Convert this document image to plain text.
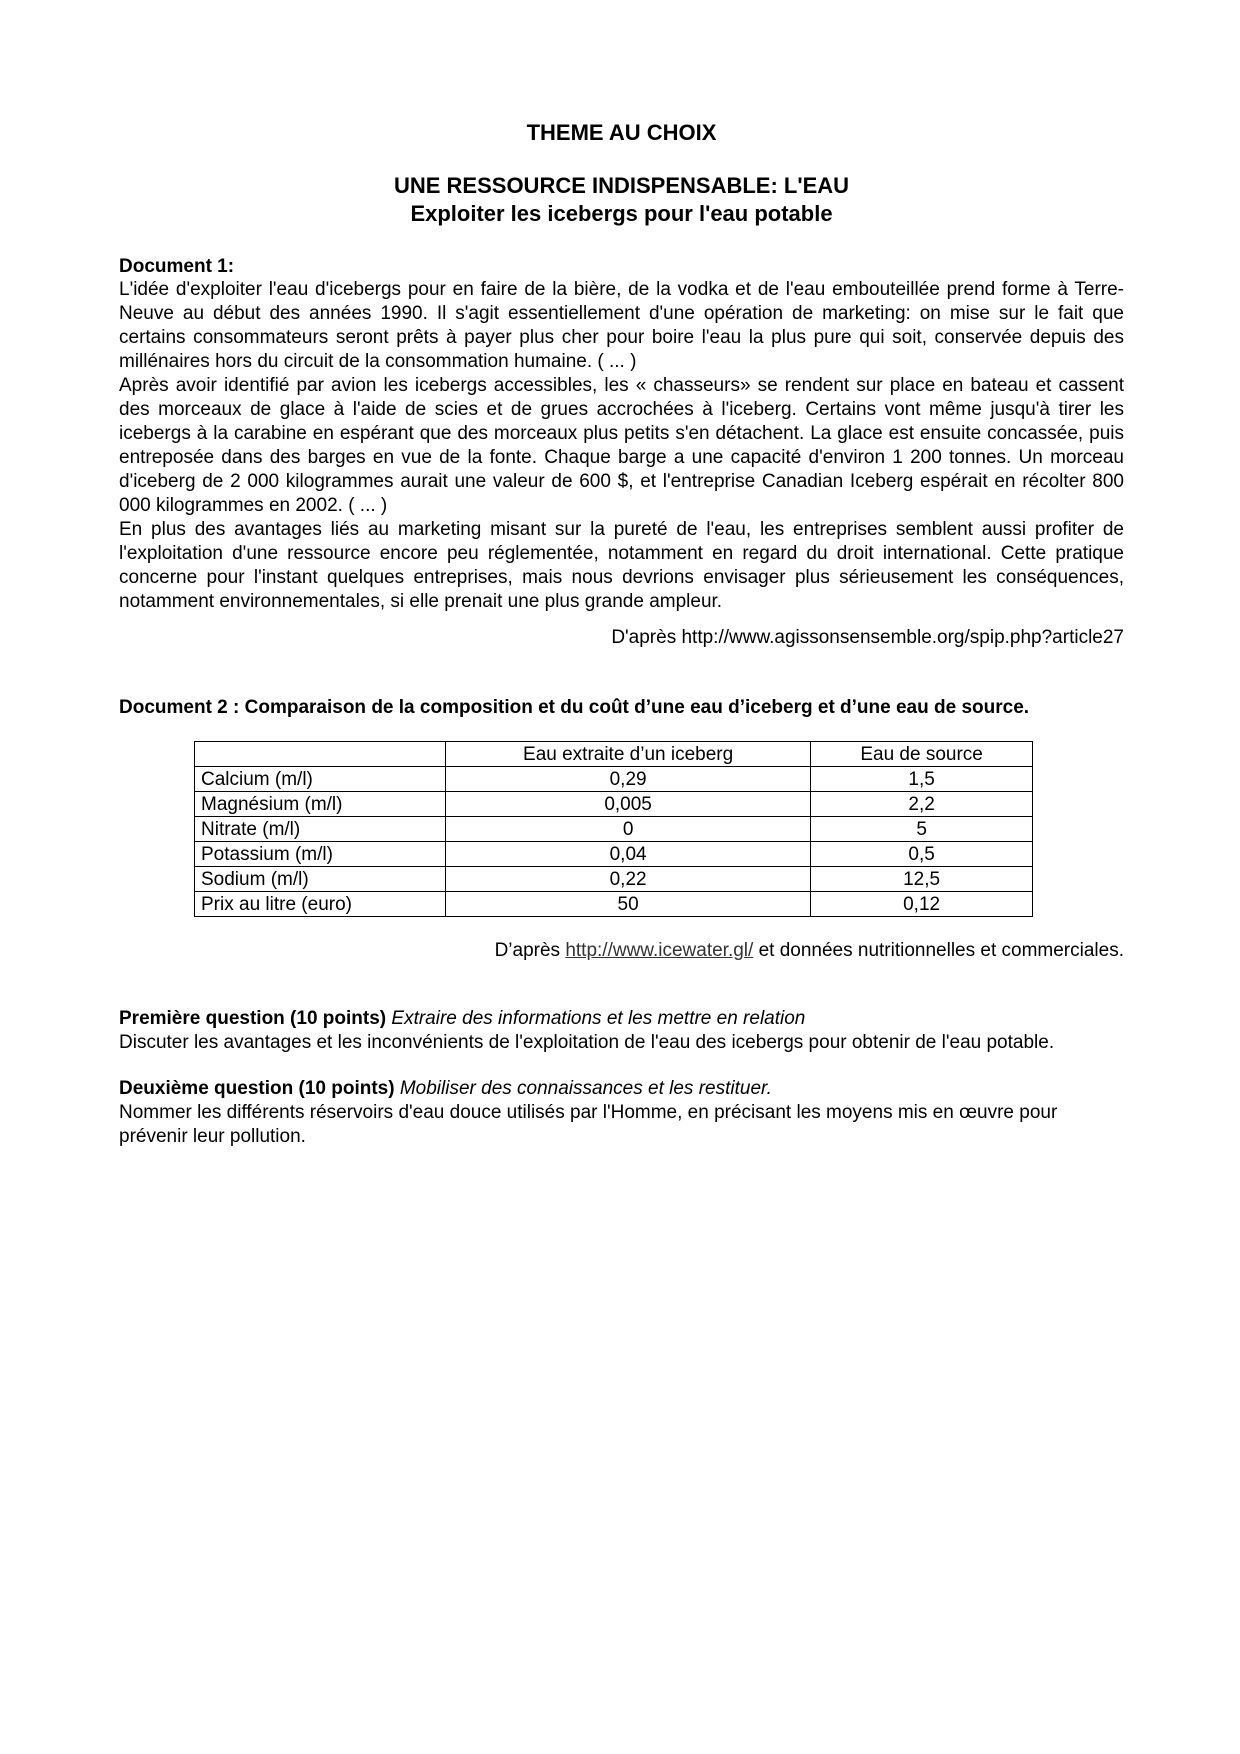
THEME AU CHOIX

UNE RESSOURCE INDISPENSABLE: L'EAU

Exploiter les icebergs pour l'eau potable

Document 1:

L'idée d'exploiter l'eau d'icebergs pour en faire de la bière, de la vodka et de l'eau embouteillée prend forme à Terre-Neuve au début des années 1990. Il s'agit essentiellement d'une opération de marketing: on mise sur le fait que certains consommateurs seront prêts à payer plus cher pour boire l'eau la plus pure qui soit, conservée depuis des millénaires hors du circuit de la consommation humaine. ( ... )

Après avoir identifié par avion les icebergs accessibles, les « chasseurs» se rendent sur place en bateau et cassent des morceaux de glace à l'aide de scies et de grues accrochées à l'iceberg. Certains vont même jusqu'à tirer les icebergs à la carabine en espérant que des morceaux plus petits s'en détachent. La glace est ensuite concassée, puis entreposée dans des barges en vue de la fonte. Chaque barge a une capacité d'environ 1 200 tonnes. Un morceau d'iceberg de 2 000 kilogrammes aurait une valeur de 600 $, et l'entreprise Canadian Iceberg espérait en récolter 800 000 kilogrammes en 2002. ( ... )

En plus des avantages liés au marketing misant sur la pureté de l'eau, les entreprises semblent aussi profiter de l'exploitation d'une ressource encore peu réglementée, notamment en regard du droit international. Cette pratique concerne pour l'instant quelques entreprises, mais nous devrions envisager plus sérieusement les conséquences, notamment environnementales, si elle prenait une plus grande ampleur.

D'après http://www.agissonsensemble.org/spip.php?article27

Document 2 : Comparaison de la composition et du coût d’une eau d’iceberg et d’une eau de source.

	Eau extraite d’un iceberg	Eau de source
Calcium (m/l)	0,29	1,5
Magnésium (m/l)	0,005	2,2
Nitrate (m/l)	0	5
Potassium (m/l)	0,04	0,5
Sodium (m/l)	0,22	12,5
Prix au litre (euro)	50	0,12

D’après http://www.icewater.gl/ et données nutritionnelles et commerciales.

Première question (10 points) Extraire des informations et les mettre en relation

Discuter les avantages et les inconvénients de l'exploitation de l'eau des icebergs pour obtenir de l'eau potable.

Deuxième question (10 points) Mobiliser des connaissances et les restituer.

Nommer les différents réservoirs d'eau douce utilisés par l'Homme, en précisant les moyens mis en œuvre pour prévenir leur pollution.
